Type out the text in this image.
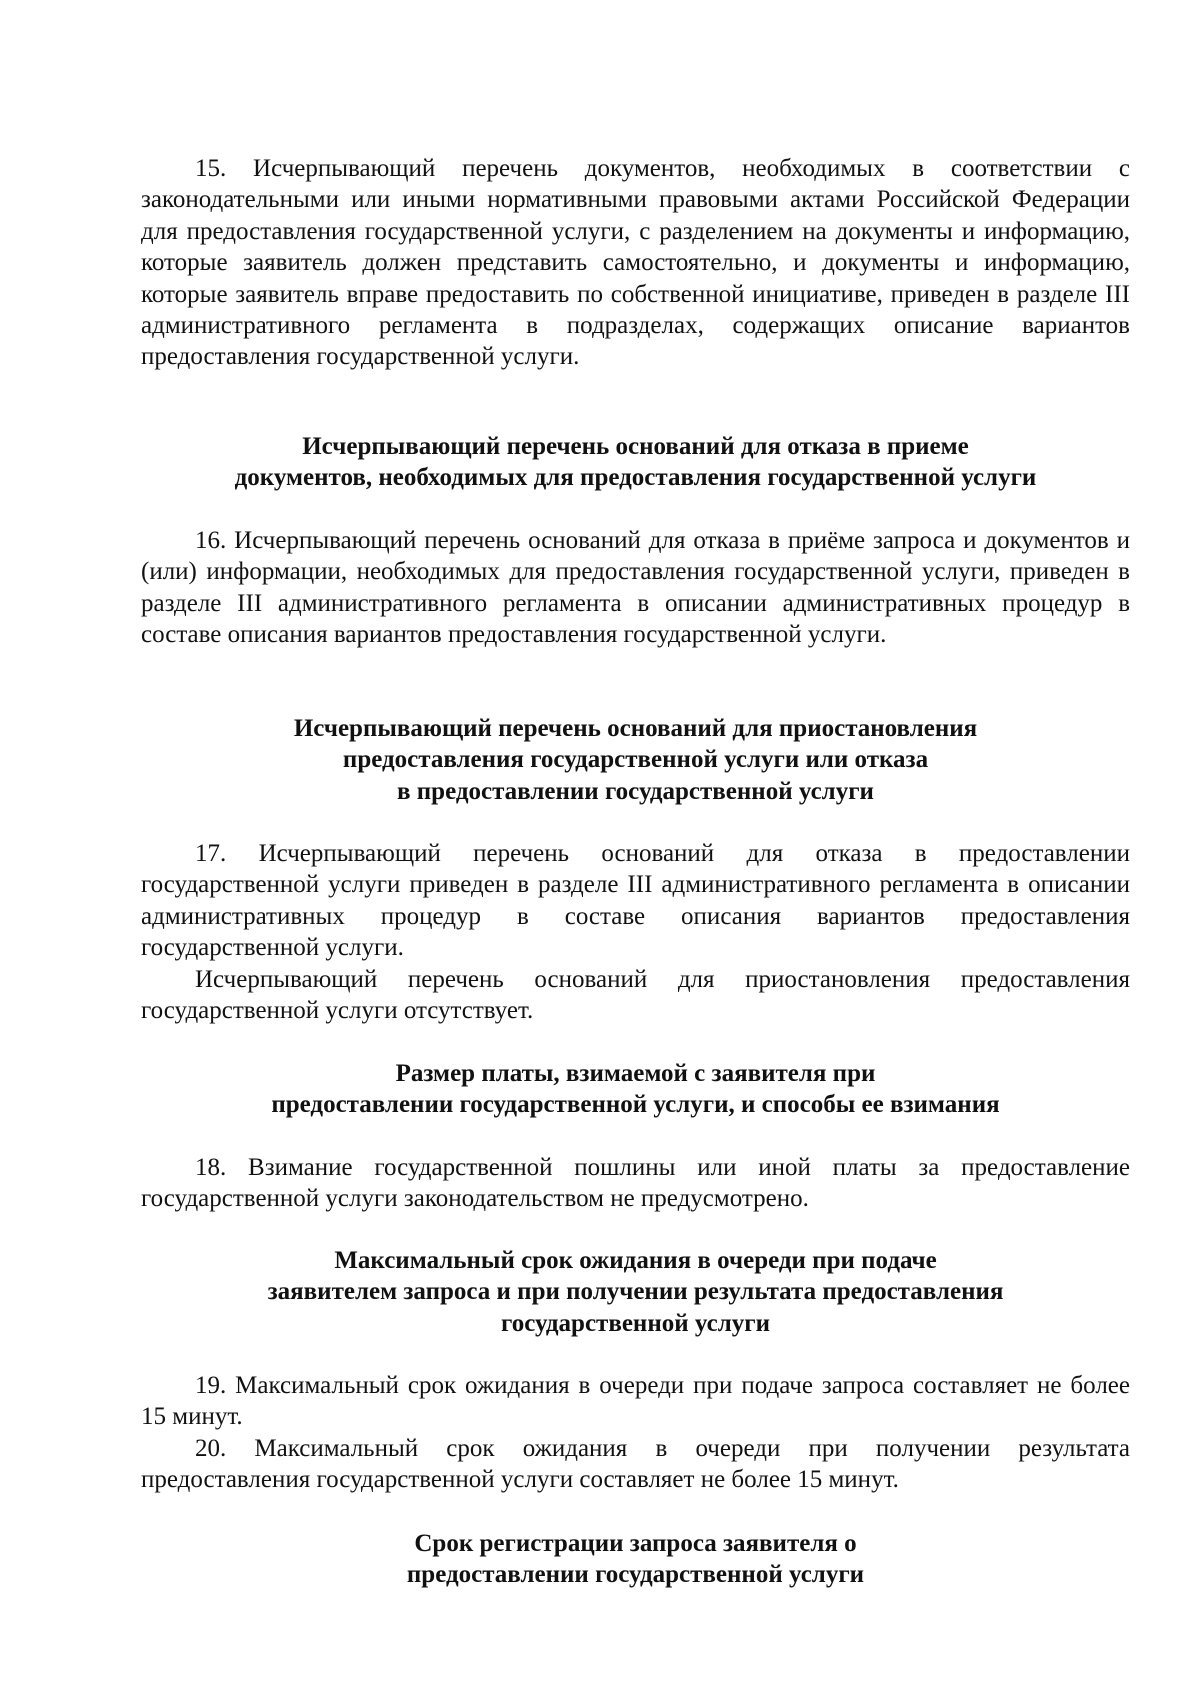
15. Исчерпывающий перечень документов, необходимых в соответствии с законодательными или иными нормативными правовыми актами Российской Федерации для предоставления государственной услуги, с разделением на документы и информацию, которые заявитель должен представить самостоятельно, и документы и информацию, которые заявитель вправе предоставить по собственной инициативе, приведен в разделе III административного регламента в подразделах, содержащих описание вариантов предоставления государственной услуги.

Исчерпывающий перечень оснований для отказа в приеме
документов, необходимых для предоставления государственной услуги

16. Исчерпывающий перечень оснований для отказа в приёме запроса и документов и (или) информации, необходимых для предоставления государственной услуги, приведен в разделе III административного регламента в описании административных процедур в составе описания вариантов предоставления государственной услуги.

Исчерпывающий перечень оснований для приостановления
предоставления государственной услуги или отказа
в предоставлении государственной услуги

17. Исчерпывающий перечень оснований для отказа в предоставлении государственной услуги приведен в разделе III административного регламента в описании административных процедур в составе описания вариантов предоставления государственной услуги.

Исчерпывающий перечень оснований для приостановления предоставления государственной услуги отсутствует.

Размер платы, взимаемой с заявителя при
предоставлении государственной услуги, и способы ее взимания

18. Взимание государственной пошлины или иной платы за предоставление государственной услуги законодательством не предусмотрено.

Максимальный срок ожидания в очереди при подаче
заявителем запроса и при получении результата предоставления
государственной услуги

19. Максимальный срок ожидания в очереди при подаче запроса составляет не более 15 минут.

20. Максимальный срок ожидания в очереди при получении результата предоставления государственной услуги составляет не более 15 минут.

Срок регистрации запроса заявителя о
предоставлении государственной услуги
